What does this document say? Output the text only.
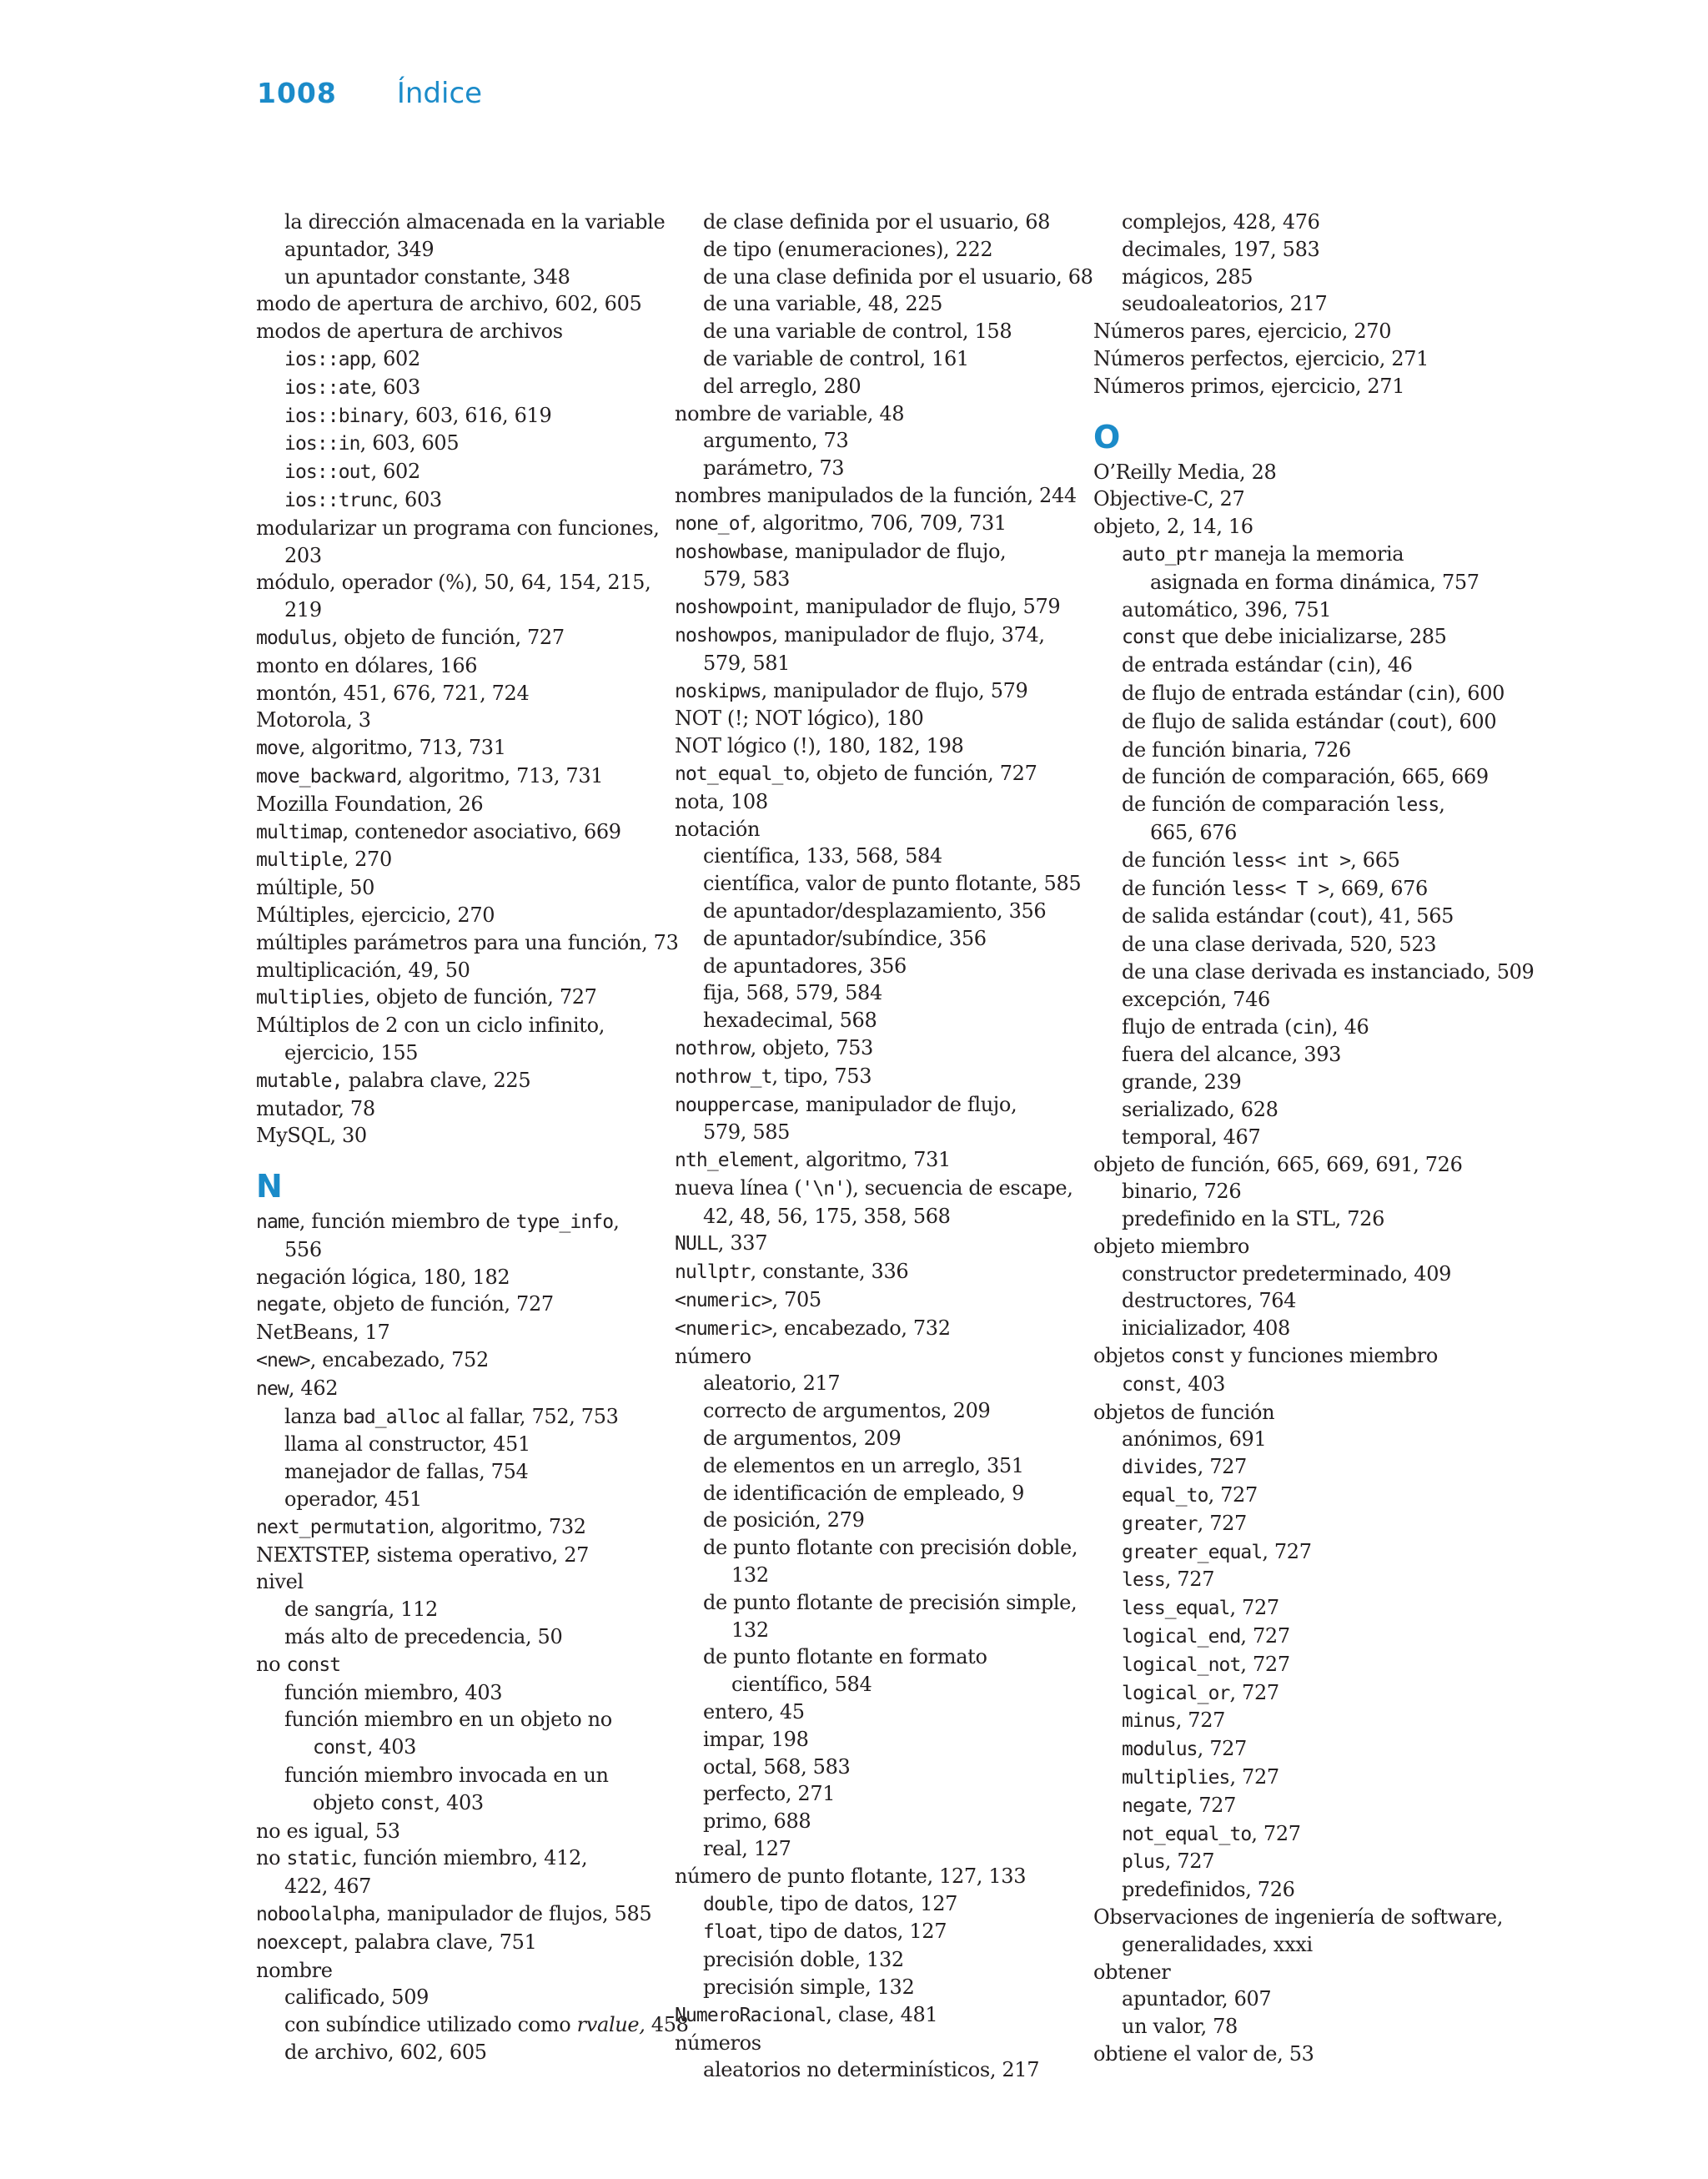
1008 Índice
la dirección almacenada en la variable
apuntador, 349
un apuntador constante, 348
modo de apertura de archivo, 602, 605
modos de apertura de archivos
ios::app, 602
ios::ate, 603
ios::binary, 603, 616, 619
ios::in, 603, 605
ios::out, 602
ios::trunc, 603
modularizar un programa con funciones,
203
módulo, operador (%), 50, 64, 154, 215,
219
modulus, objeto de función, 727
monto en dólares, 166
montón, 451, 676, 721, 724
Motorola, 3
move, algoritmo, 713, 731
move_backward, algoritmo, 713, 731
Mozilla Foundation, 26
multimap, contenedor asociativo, 669
multiple, 270
múltiple, 50
Múltiples, ejercicio, 270
múltiples parámetros para una función, 73
multiplicación, 49, 50
multiplies, objeto de función, 727
Múltiplos de 2 con un ciclo infinito,
ejercicio, 155
mutable, palabra clave, 225
mutador, 78
MySQL, 30
N
name, función miembro de type_info,
556
negación lógica, 180, 182
negate, objeto de función, 727
NetBeans, 17
<new>, encabezado, 752
new, 462
lanza bad_alloc al fallar, 752, 753
llama al constructor, 451
manejador de fallas, 754
operador, 451
next_permutation, algoritmo, 732
NEXTSTEP, sistema operativo, 27
nivel
de sangría, 112
más alto de precedencia, 50
no const
función miembro, 403
función miembro en un objeto no
const, 403
función miembro invocada en un
objeto const, 403
no es igual, 53
no static, función miembro, 412,
422, 467
noboolalpha, manipulador de flujos, 585
noexcept, palabra clave, 751
nombre
calificado, 509
con subíndice utilizado como rvalue, 458
de archivo, 602, 605
de clase definida por el usuario, 68
de tipo (enumeraciones), 222
de una clase definida por el usuario, 68
de una variable, 48, 225
de una variable de control, 158
de variable de control, 161
del arreglo, 280
nombre de variable, 48
argumento, 73
parámetro, 73
nombres manipulados de la función, 244
none_of, algoritmo, 706, 709, 731
noshowbase, manipulador de flujo,
579, 583
noshowpoint, manipulador de flujo, 579
noshowpos, manipulador de flujo, 374,
579, 581
noskipws, manipulador de flujo, 579
NOT (!; NOT lógico), 180
NOT lógico (!), 180, 182, 198
not_equal_to, objeto de función, 727
nota, 108
notación
científica, 133, 568, 584
científica, valor de punto flotante, 585
de apuntador/desplazamiento, 356
de apuntador/subíndice, 356
de apuntadores, 356
fija, 568, 579, 584
hexadecimal, 568
nothrow, objeto, 753
nothrow_t, tipo, 753
nouppercase, manipulador de flujo,
579, 585
nth_element, algoritmo, 731
nueva línea ('\n'), secuencia de escape,
42, 48, 56, 175, 358, 568
NULL, 337
nullptr, constante, 336
<numeric>, 705
<numeric>, encabezado, 732
número
aleatorio, 217
correcto de argumentos, 209
de argumentos, 209
de elementos en un arreglo, 351
de identificación de empleado, 9
de posición, 279
de punto flotante con precisión doble,
132
de punto flotante de precisión simple,
132
de punto flotante en formato
científico, 584
entero, 45
impar, 198
octal, 568, 583
perfecto, 271
primo, 688
real, 127
número de punto flotante, 127, 133
double, tipo de datos, 127
float, tipo de datos, 127
precisión doble, 132
precisión simple, 132
NumeroRacional, clase, 481
números
aleatorios no determinísticos, 217
complejos, 428, 476
decimales, 197, 583
mágicos, 285
seudoaleatorios, 217
Números pares, ejercicio, 270
Números perfectos, ejercicio, 271
Números primos, ejercicio, 271
O
O’Reilly Media, 28
Objective-C, 27
objeto, 2, 14, 16
auto_ptr maneja la memoria
asignada en forma dinámica, 757
automático, 396, 751
const que debe inicializarse, 285
de entrada estándar (cin), 46
de flujo de entrada estándar (cin), 600
de flujo de salida estándar (cout), 600
de función binaria, 726
de función de comparación, 665, 669
de función de comparación less,
665, 676
de función less< int >, 665
de función less< T >, 669, 676
de salida estándar (cout), 41, 565
de una clase derivada, 520, 523
de una clase derivada es instanciado, 509
excepción, 746
flujo de entrada (cin), 46
fuera del alcance, 393
grande, 239
serializado, 628
temporal, 467
objeto de función, 665, 669, 691, 726
binario, 726
predefinido en la STL, 726
objeto miembro
constructor predeterminado, 409
destructores, 764
inicializador, 408
objetos const y funciones miembro
const, 403
objetos de función
anónimos, 691
divides, 727
equal_to, 727
greater, 727
greater_equal, 727
less, 727
less_equal, 727
logical_end, 727
logical_not, 727
logical_or, 727
minus, 727
modulus, 727
multiplies, 727
negate, 727
not_equal_to, 727
plus, 727
predefinidos, 726
Observaciones de ingeniería de software,
generalidades, xxxi
obtener
apuntador, 607
un valor, 78
obtiene el valor de, 53
